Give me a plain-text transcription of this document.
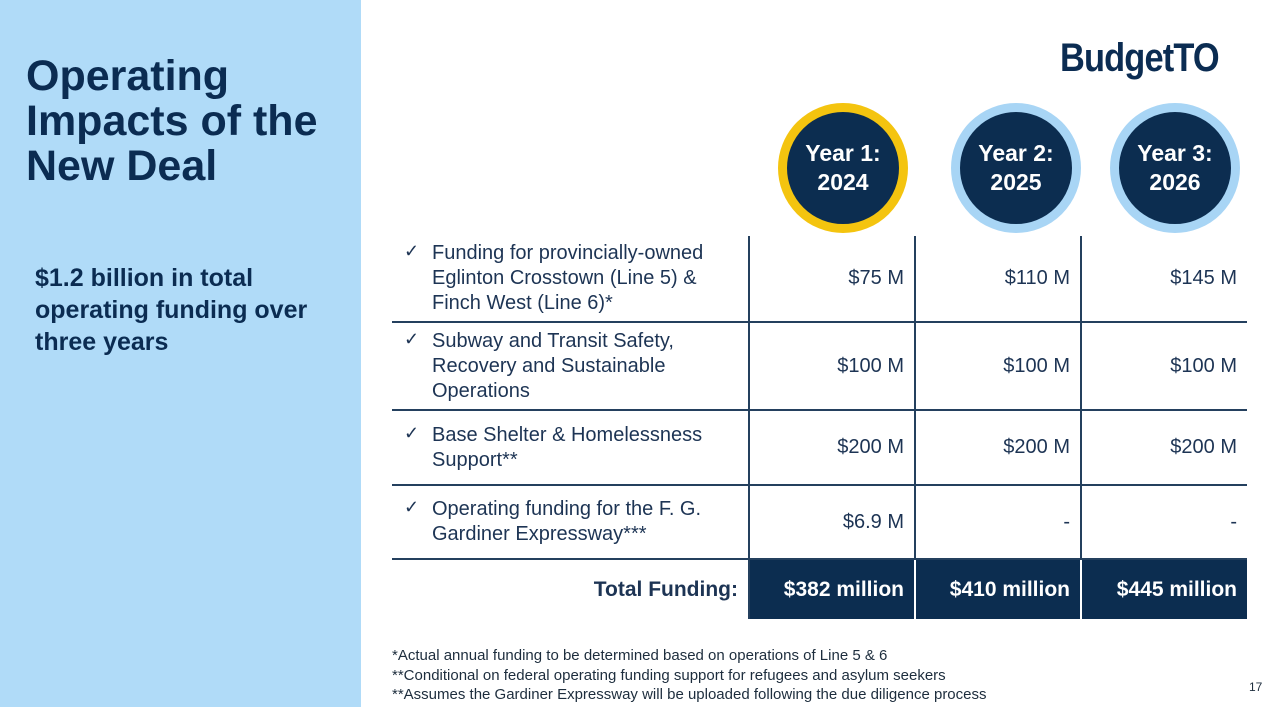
Operating Impacts of the New Deal
$1.2 billion in total operating funding over three years
BudgetTO
Year 1:
2024
Year 2:
2025
Year 3:
2026
✓ Funding for provincially-owned Eglinton Crosstown (Line 5) & Finch West (Line 6)*	$75 M	$110 M	$145 M

✓ Subway and Transit Safety, Recovery and Sustainable Operations	$100 M	$100 M	$100 M

✓ Base Shelter & Homelessness Support**	$200 M	$200 M	$200 M

✓ Operating funding for the F. G. Gardiner Expressway***	$6.9 M	-	-
Total Funding:	$382 million	$410 million	$445 million
*Actual annual funding to be determined based on operations of Line 5 & 6
**Conditional on federal operating funding support for refugees and asylum seekers
**Assumes the Gardiner Expressway will be uploaded following the due diligence process	17
